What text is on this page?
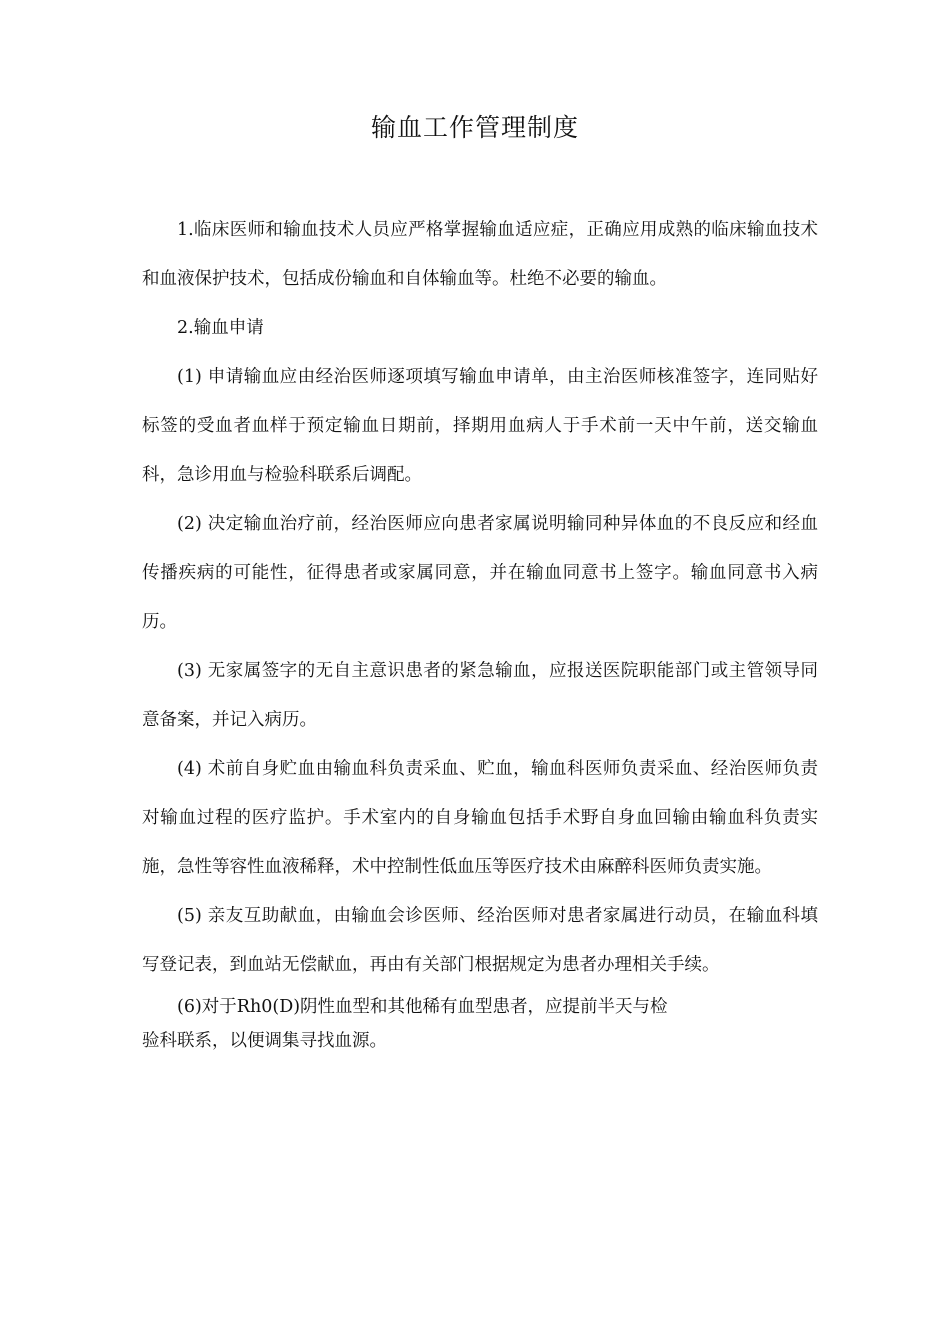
输血工作管理制度

1.临床医师和输血技术人员应严格掌握输血适应症，正确应用成熟的临床输血技术和血液保护技术，包括成份输血和自体输血等。杜绝不必要的输血。

2.输血申请

(1) 申请输血应由经治医师逐项填写输血申请单，由主治医师核准签字，连同贴好标签的受血者血样于预定输血日期前，择期用血病人于手术前一天中午前，送交输血科，急诊用血与检验科联系后调配。

(2) 决定输血治疗前，经治医师应向患者家属说明输同种异体血的不良反应和经血传播疾病的可能性，征得患者或家属同意，并在输血同意书上签字。输血同意书入病历。

(3) 无家属签字的无自主意识患者的紧急输血，应报送医院职能部门或主管领导同意备案，并记入病历。

(4) 术前自身贮血由输血科负责采血、贮血，输血科医师负责采血、经治医师负责对输血过程的医疗监护。手术室内的自身输血包括手术野自身血回输由输血科负责实施，急性等容性血液稀释，术中控制性低血压等医疗技术由麻醉科医师负责实施。

(5) 亲友互助献血，由输血会诊医师、经治医师对患者家属进行动员，在输血科填写登记表，到血站无偿献血，再由有关部门根据规定为患者办理相关手续。

(6)对于Rh0(D)阴性血型和其他稀有血型患者，应提前半天与检
验科联系，以便调集寻找血源。
